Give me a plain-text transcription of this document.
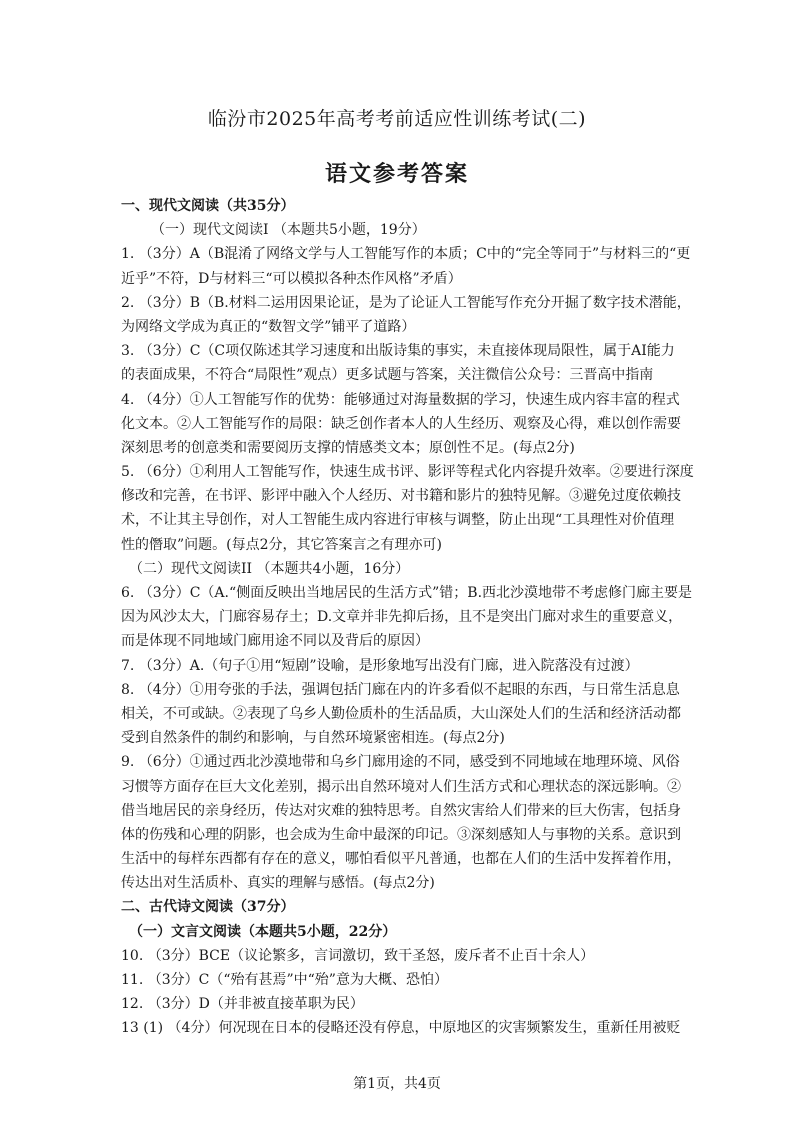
临汾市2025年高考考前适应性训练考试(二)
语文参考答案
一、现代文阅读（共35分）
（一）现代文阅读I （本题共5小题，19分）
1. （3分）A（B混淆了网络文学与人工智能写作的本质；C中的“完全等同于”与材料三的“更
近乎”不符，D与材料三“可以模拟各种杰作风格”矛盾）
2. （3分）B（B.材料二运用因果论证，是为了论证人工智能写作充分开掘了数字技术潜能，
为网络文学成为真正的“数智文学”铺平了道路）
3. （3分）C（C项仅陈述其学习速度和出版诗集的事实，未直接体现局限性，属于AI能力
的表面成果，不符合“局限性”观点）更多试题与答案，关注微信公众号：三晋高中指南
4. （4分）①人工智能写作的优势：能够通过对海量数据的学习，快速生成内容丰富的程式
化文本。②人工智能写作的局限：缺乏创作者本人的人生经历、观察及心得，难以创作需要
深刻思考的创意类和需要阅历支撑的情感类文本；原创性不足。(每点2分)
5. （6分）①利用人工智能写作，快速生成书评、影评等程式化内容提升效率。②要进行深度
修改和完善，在书评、影评中融入个人经历、对书籍和影片的独特见解。③避免过度依赖技
术，不让其主导创作，对人工智能生成内容进行审核与调整，防止出现“工具理性对价值理
性的僭取”问题。(每点2分，其它答案言之有理亦可)
（二）现代文阅读II （本题共4小题，16分）
6. （3分）C（A.“侧面反映出当地居民的生活方式”错；B.西北沙漠地带不考虑修门廊主要是
因为风沙太大，门廊容易存土；D.文章并非先抑后扬，且不是突出门廊对求生的重要意义，
而是体现不同地域门廊用途不同以及背后的原因）
7. （3分）A.（句子①用“短剧”设喻，是形象地写出没有门廊，进入院落没有过渡）
8. （4分）①用夸张的手法，强调包括门廊在内的许多看似不起眼的东西，与日常生活息息
相关，不可或缺。②表现了乌乡人勤俭质朴的生活品质，大山深处人们的生活和经济活动都
受到自然条件的制约和影响，与自然环境紧密相连。(每点2分)
9. （6分）①通过西北沙漠地带和乌乡门廊用途的不同，感受到不同地域在地理环境、风俗
习惯等方面存在巨大文化差别，揭示出自然环境对人们生活方式和心理状态的深远影响。②
借当地居民的亲身经历，传达对灾难的独特思考。自然灾害给人们带来的巨大伤害，包括身
体的伤残和心理的阴影，也会成为生命中最深的印记。③深刻感知人与事物的关系。意识到
生活中的每样东西都有存在的意义，哪怕看似平凡普通，也都在人们的生活中发挥着作用，
传达出对生活质朴、真实的理解与感悟。(每点2分)
二、古代诗文阅读（37分）
（一）文言文阅读（本题共5小题，22分）
10. （3分）BCE（议论繁多，言词激切，致干圣怒，废斥者不止百十余人）
11. （3分）C（“殆有甚焉”中“殆”意为大概、恐怕）
12. （3分）D（并非被直接革职为民）
13 (1) （4分）何况现在日本的侵略还没有停息，中原地区的灾害频繁发生，重新任用被贬
第1页，共4页
